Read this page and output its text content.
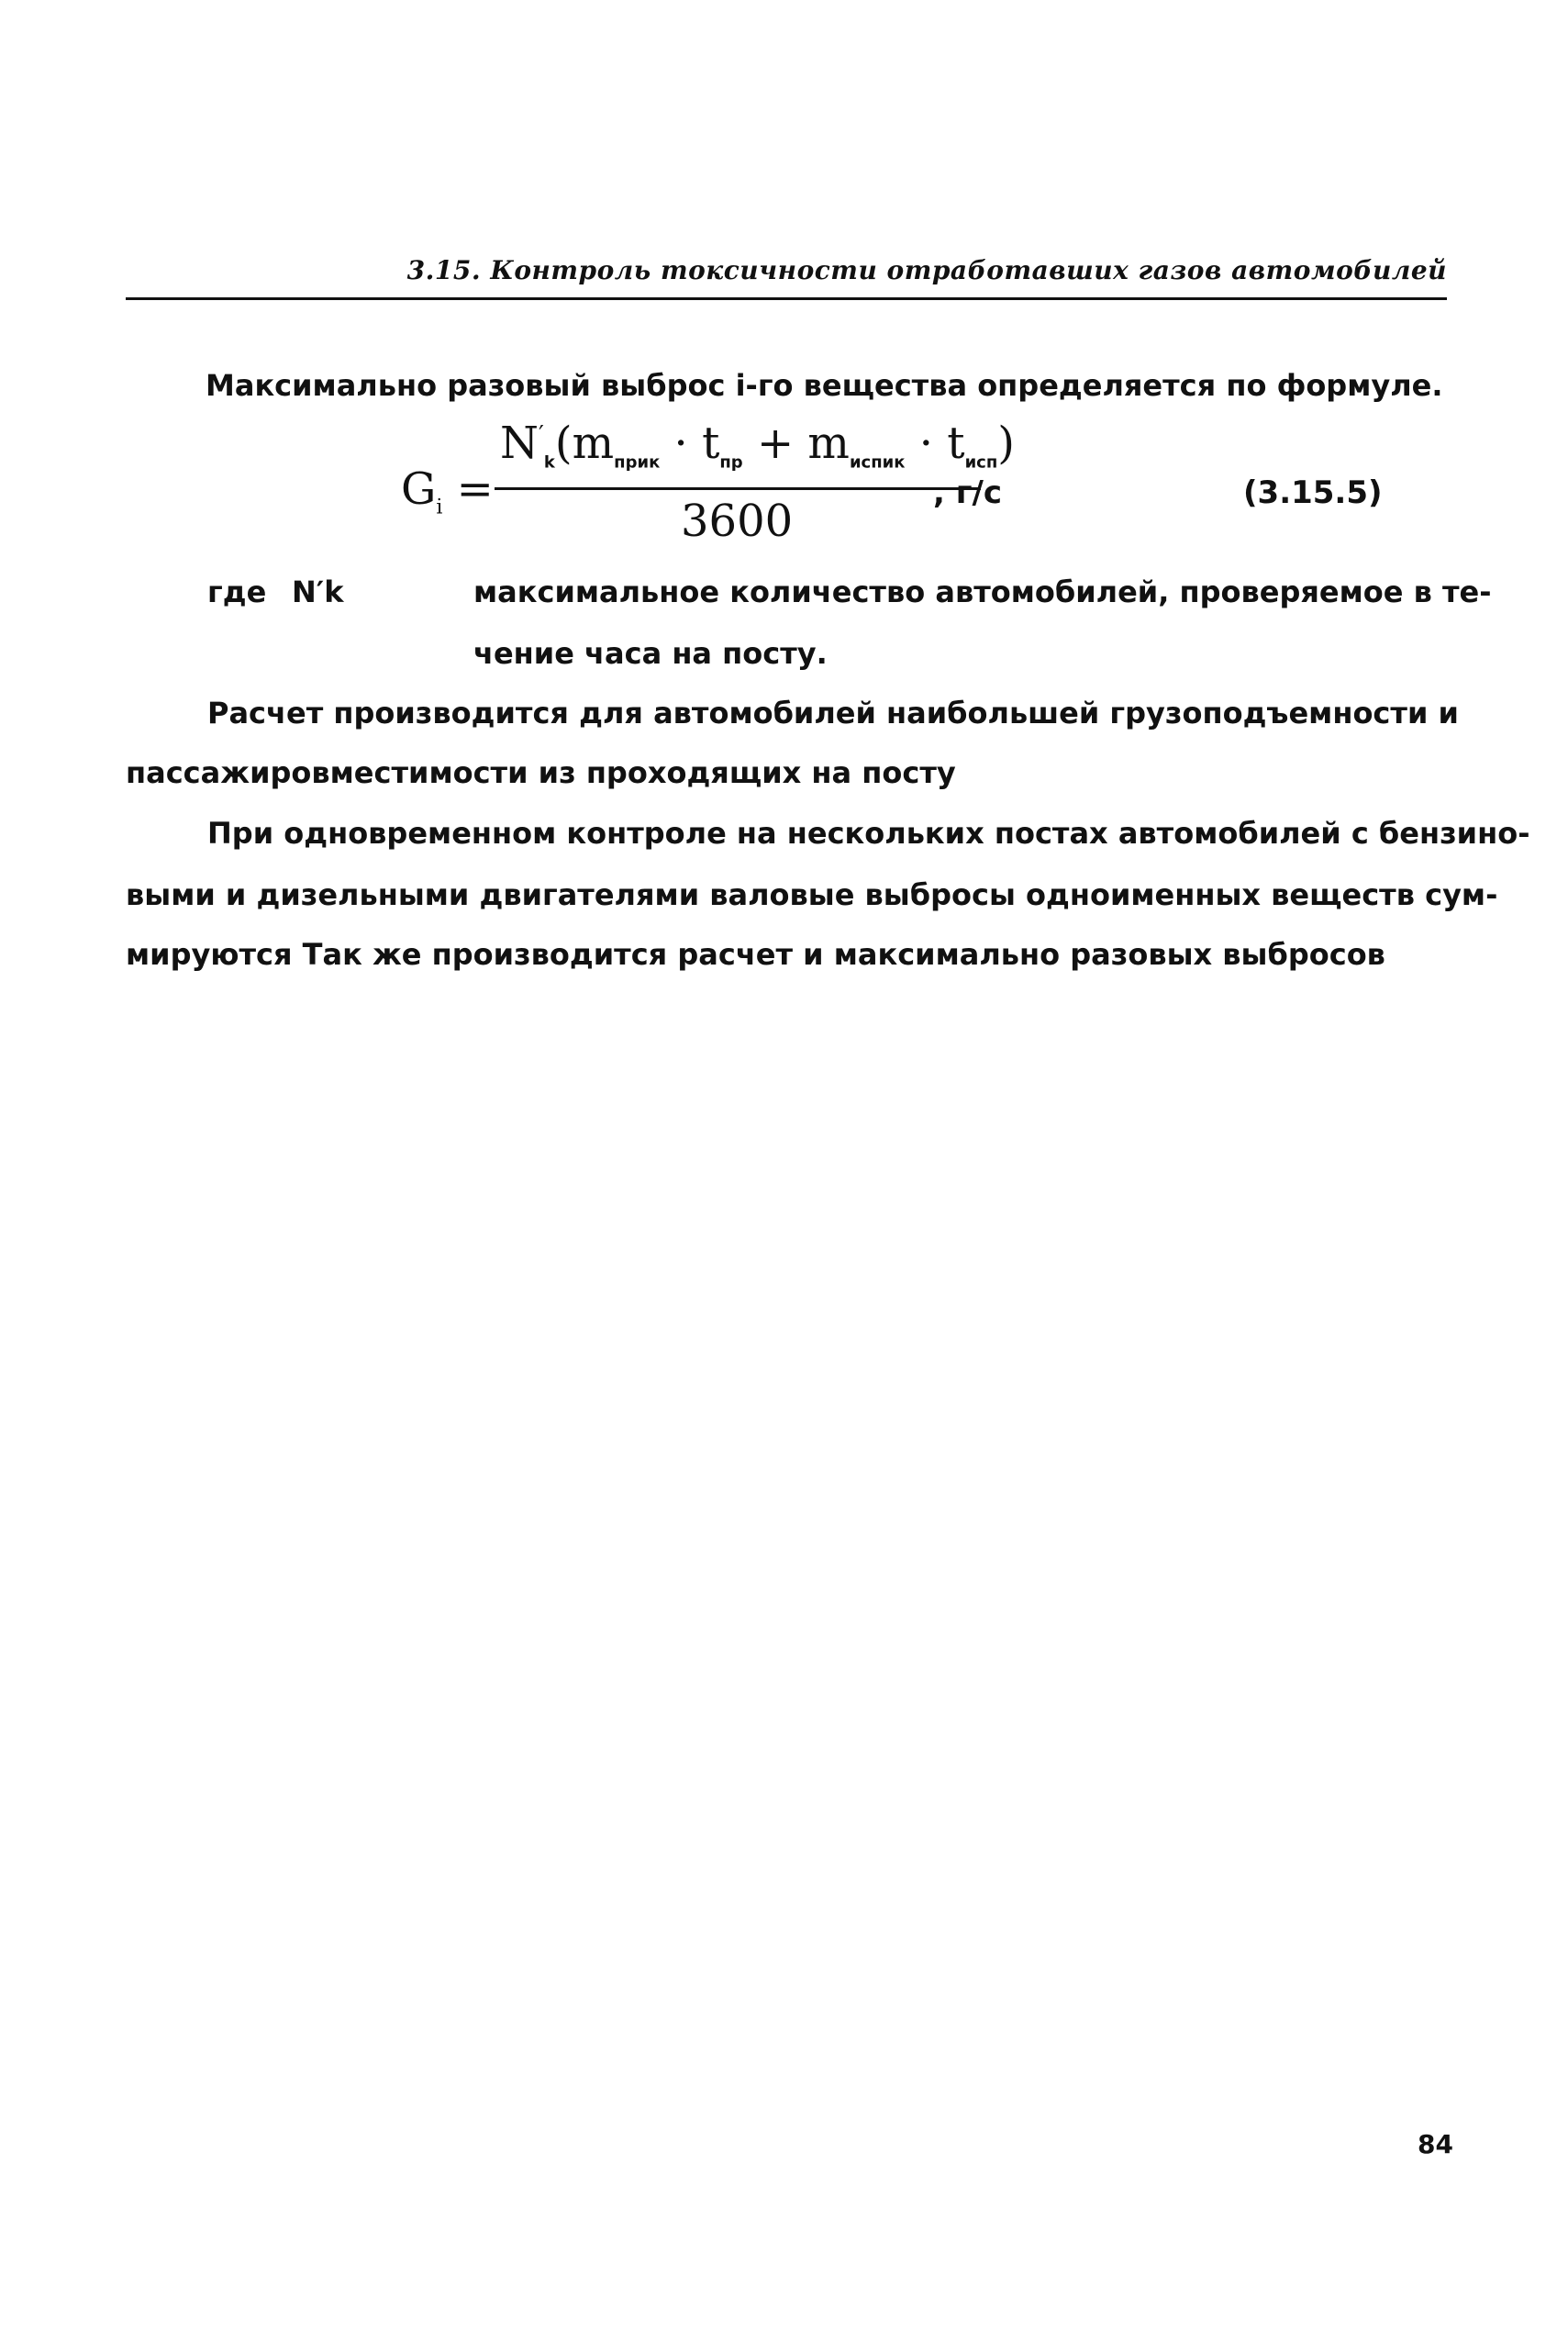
3.15. Контроль токсичности отработавших газов автомобилей
Максимально разовый выброс i-го вещества определяется по формуле.
$G_i$ =
$N'_k(m_{прик} \cdot t_{пр} + m_{испик} \cdot t_{исп})$
3600
, г/с	(3.15.5)
где N′k	максимальное количество автомобилей, проверяемое в те-
чение часа на посту.
Расчет производится для автомобилей наибольшей грузоподъемности и
пассажировместимости из проходящих на посту
При одновременном контроле на нескольких постах автомобилей с бензино-
выми и дизельными двигателями валовые выбросы одноименных веществ сум-
мируются Так же производится расчет и максимально разовых выбросов
84
